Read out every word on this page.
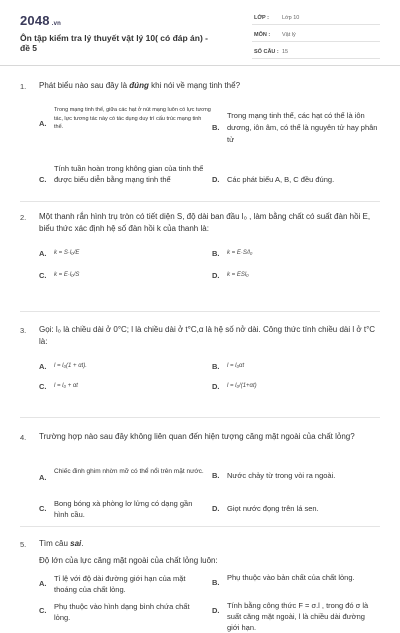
2048 .vn
Ôn tập kiểm tra lý thuyết vật lý 10( có đáp án) - đề 5
LỚP : Lớp 10
MÔN : Vật lý
SỐ CÂU : 15
1. Phát biểu nào sau đây là đúng khi nói về mạng tinh thể?
A.
Trong mạng tinh thể, giữa các hạt ở nút mạng luôn có lực tương tác, lực tương tác này có tác dụng duy trì cấu trúc mạng tinh thể.	B.
Trong mạng tinh thể, các hạt có thể là iôn dương, iôn âm, có thể là nguyên tử hay phân tử
C.
Tính tuần hoàn trong không gian của tinh thể được biểu diễn bằng mạng tinh thể	D. Các phát biểu A, B, C đều đúng.
2. Một thanh rắn hình trụ tròn có tiết diện S, độ dài ban đầu l₀ , làm bằng chất có suất đàn hồi E, biểu thức xác định hệ số đàn hồi k của thanh là:
A. k = S·l₀/E	B. k = E·S/l₀
C. k = E·l₀/S	D. k = ESl₀
3. Gọi: l₀ là chiều dài ở 0°C; l là chiều dài ở t°C,α là hệ số nở dài. Công thức tính chiều dài l ở t°C là:
A. l = l₀(1 + αt).	B. l = l₀αt
C. l = l₀ + αt	D. l = l₀/(1+αt)
4. Trường hợp nào sau đây không liên quan đến hiện tượng căng mặt ngoài của chất lỏng?
A.
Chiếc đinh ghim nhờn mỡ có thể nổi trên mặt nước. B. Nước chảy từ trong vòi ra ngoài.
C.
Bong bóng xà phòng lơ lửng có dạng gần hình cầu.
D. Giọt nước đọng trên lá sen.
5. Tìm câu sai.
Độ lớn của lực căng mặt ngoài của chất lỏng luôn:
A.
Tỉ lệ với độ dài đường giới hạn của mặt thoáng của chất lỏng.
B.
Phụ thuộc vào bản chất của chất lỏng.
C. Phụ thuộc vào hình dạng bình chứa chất lỏng.
D.
Tính bằng công thức F = σ.l , trong đó σ là suất căng mặt ngoài, l là chiều dài đường giới hạn.
